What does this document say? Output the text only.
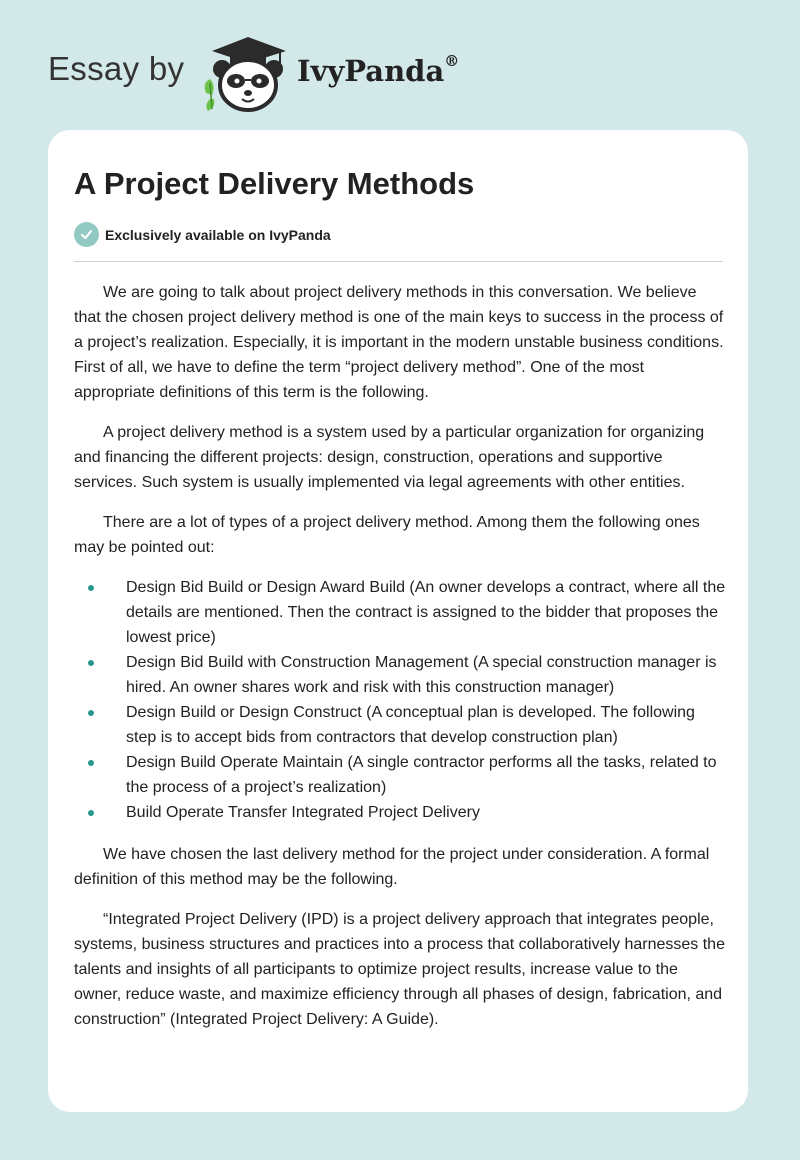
Essay by	IvyPanda®
A Project Delivery Methods
Exclusively available on IvyPanda

We are going to talk about project delivery methods in this conversation. We believe that the chosen project delivery method is one of the main keys to success in the process of a project’s realization. Especially, it is important in the modern unstable business conditions. First of all, we have to define the term “project delivery method”. One of the most appropriate definitions of this term is the following.

A project delivery method is a system used by a particular organization for organizing and financing the different projects: design, construction, operations and supportive services. Such system is usually implemented via legal agreements with other entities.

There are a lot of types of a project delivery method. Among them the following ones may be pointed out:

Design Bid Build or Design Award Build (An owner develops a contract, where all the details are mentioned. Then the contract is assigned to the bidder that proposes the lowest price)
Design Bid Build with Construction Management (A special construction manager is hired. An owner shares work and risk with this construction manager)
Design Build or Design Construct (A conceptual plan is developed. The following step is to accept bids from contractors that develop construction plan)
Design Build Operate Maintain (A single contractor performs all the tasks, related to the process of a project’s realization)
Build Operate Transfer Integrated Project Delivery

We have chosen the last delivery method for the project under consideration. A formal definition of this method may be the following.

“Integrated Project Delivery (IPD) is a project delivery approach that integrates people, systems, business structures and practices into a process that collaboratively harnesses the talents and insights of all participants to optimize project results, increase value to the owner, reduce waste, and maximize efficiency through all phases of design, fabrication, and construction” (Integrated Project Delivery: A Guide).
